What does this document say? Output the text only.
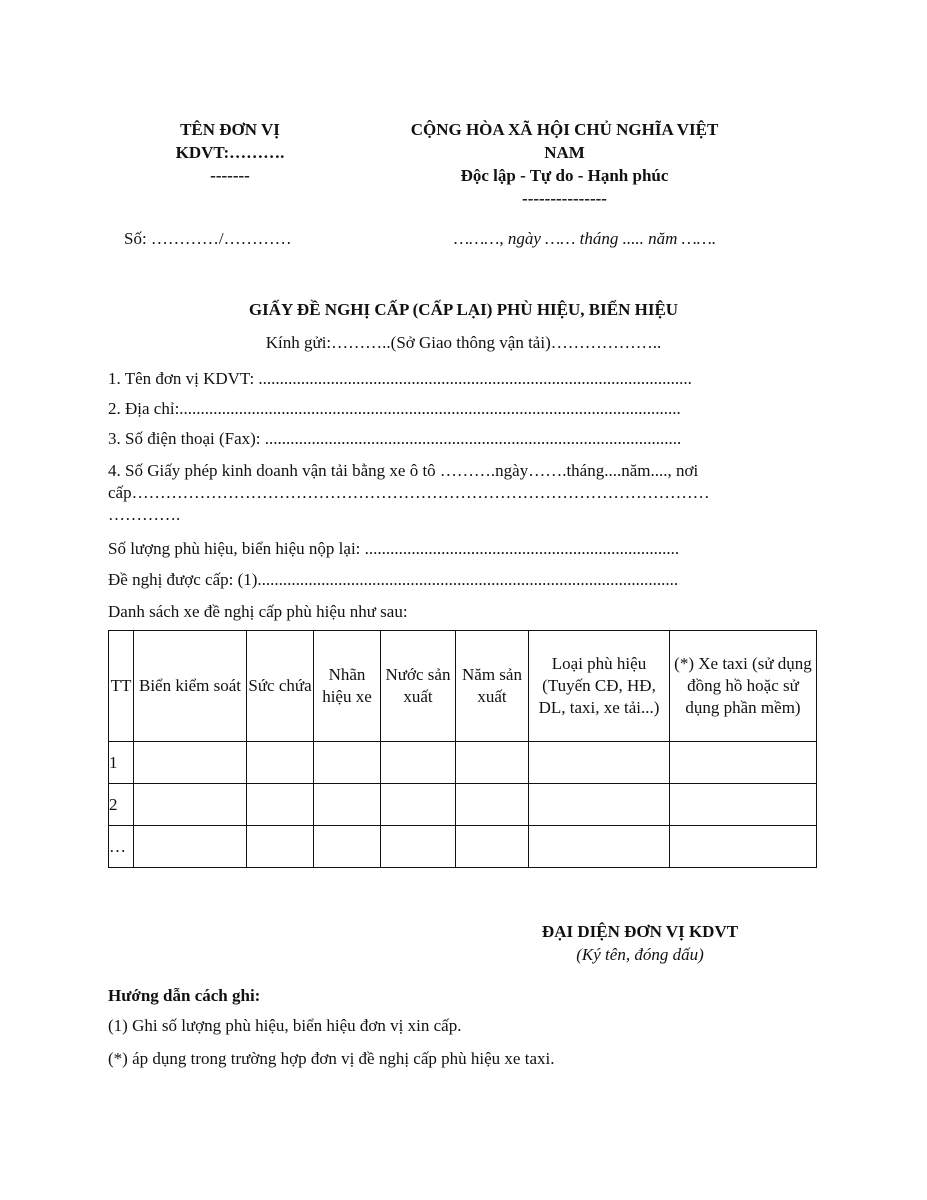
TÊN ĐƠN VỊ
KDVT:……….
-------
CỘNG HÒA XÃ HỘI CHỦ NGHĨA VIỆT
NAM
Độc lập - Tự do - Hạnh phúc
---------------
Số: …………/…………	………, ngày …… tháng ..... năm …….
GIẤY ĐỀ NGHỊ CẤP (CẤP LẠI) PHÙ HIỆU, BIỂN HIỆU
Kính gửi:………..(Sở Giao thông vận tải)………………..
1. Tên đơn vị KDVT: ......................................................................................................
2. Địa chỉ:......................................................................................................................
3. Số điện thoại (Fax): ..................................................................................................
4. Số Giấy phép kinh doanh vận tải bằng xe ô tô ……….ngày…….tháng....năm...., nơi
cấp…………………………………………………………………………………………
………….
Số lượng phù hiệu, biển hiệu nộp lại: ..........................................................................
Đề nghị được cấp: (1)...................................................................................................
Danh sách xe đề nghị cấp phù hiệu như sau:
TT	Biển kiểm soát	Sức chứa	Nhãn hiệu xe	Nước sản xuất	Năm sản xuất	Loại phù hiệu (Tuyến CĐ, HĐ, DL, taxi, xe tải...)	(*) Xe taxi (sử dụng đồng hồ hoặc sử dụng phần mềm)
1							
2							
…							
ĐẠI DIỆN ĐƠN VỊ KDVT
(Ký tên, đóng dấu)
Hướng dẫn cách ghi:
(1) Ghi số lượng phù hiệu, biển hiệu đơn vị xin cấp.
(*) áp dụng trong trường hợp đơn vị đề nghị cấp phù hiệu xe taxi.
